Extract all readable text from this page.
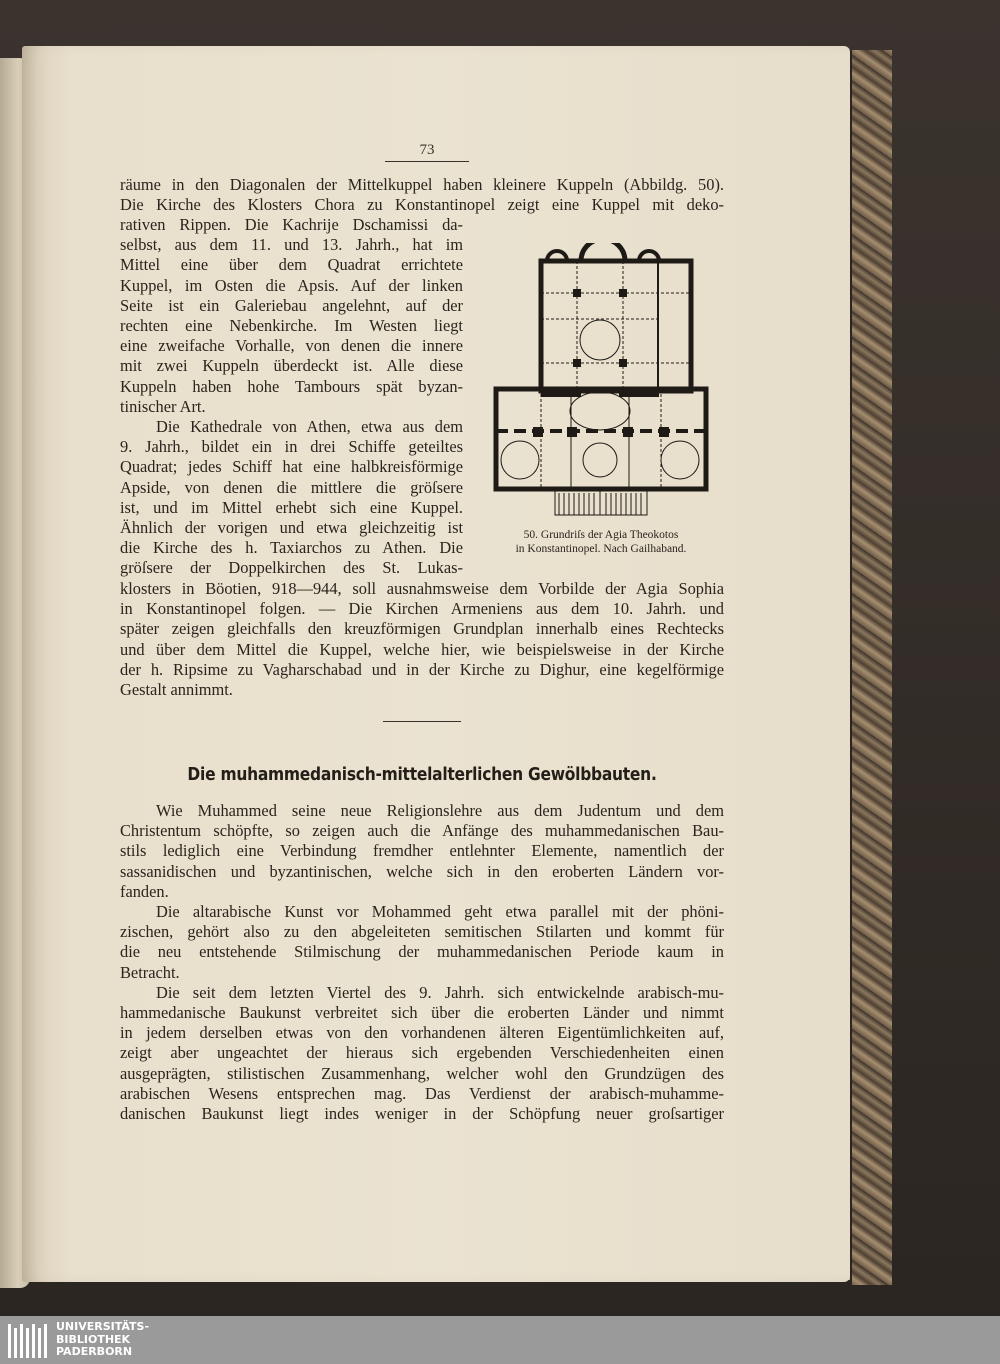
73
räume in den Diagonalen der Mittelkuppel haben kleinere Kuppeln (Abbildg. 50).
Die Kirche des Klosters Chora zu Konstantinopel zeigt eine Kuppel mit deko-
rativen Rippen. Die Kachrije Dschamissi da-
selbst, aus dem 11. und 13. Jahrh., hat im
Mittel eine über dem Quadrat errichtete
Kuppel, im Osten die Apsis. Auf der linken
Seite ist ein Galeriebau angelehnt, auf der
rechten eine Nebenkirche. Im Westen liegt
eine zweifache Vorhalle, von denen die innere
mit zwei Kuppeln überdeckt ist. Alle diese
Kuppeln haben hohe Tambours spät byzan-
tinischer Art.
Die Kathedrale von Athen, etwa aus dem
9. Jahrh., bildet ein in drei Schiffe geteiltes
Quadrat; jedes Schiff hat eine halbkreisförmige
Apside, von denen die mittlere die gröſsere
ist, und im Mittel erhebt sich eine Kuppel.
Ähnlich der vorigen und etwa gleichzeitig ist
die Kirche des h. Taxiarchos zu Athen. Die
gröſsere der Doppelkirchen des St. Lukas-
50. Grundriſs der Agia Theokotos
in Konstantinopel. Nach Gailhaband.
klosters in Böotien, 918—944, soll ausnahmsweise dem Vorbilde der Agia Sophia
in Konstantinopel folgen. — Die Kirchen Armeniens aus dem 10. Jahrh. und
später zeigen gleichfalls den kreuzförmigen Grundplan innerhalb eines Rechtecks
und über dem Mittel die Kuppel, welche hier, wie beispielsweise in der Kirche
der h. Ripsime zu Vagharschabad und in der Kirche zu Dighur, eine kegelförmige
Gestalt annimmt.
Die muhammedanisch-mittelalterlichen Gewölbbauten.
Wie Muhammed seine neue Religionslehre aus dem Judentum und dem
Christentum schöpfte, so zeigen auch die Anfänge des muhammedanischen Bau-
stils lediglich eine Verbindung fremdher entlehnter Elemente, namentlich der
sassanidischen und byzantinischen, welche sich in den eroberten Ländern vor-
fanden.
Die altarabische Kunst vor Mohammed geht etwa parallel mit der phöni-
zischen, gehört also zu den abgeleiteten semitischen Stilarten und kommt für
die neu entstehende Stilmischung der muhammedanischen Periode kaum in
Betracht.
Die seit dem letzten Viertel des 9. Jahrh. sich entwickelnde arabisch-mu-
hammedanische Baukunst verbreitet sich über die eroberten Länder und nimmt
in jedem derselben etwas von den vorhandenen älteren Eigentümlichkeiten auf,
zeigt aber ungeachtet der hieraus sich ergebenden Verschiedenheiten einen
ausgeprägten, stilistischen Zusammenhang, welcher wohl den Grundzügen des
arabischen Wesens entsprechen mag. Das Verdienst der arabisch-muhamme-
danischen Baukunst liegt indes weniger in der Schöpfung neuer groſsartiger
UNIVERSITÄTS-
BIBLIOTHEK
PADERBORN
